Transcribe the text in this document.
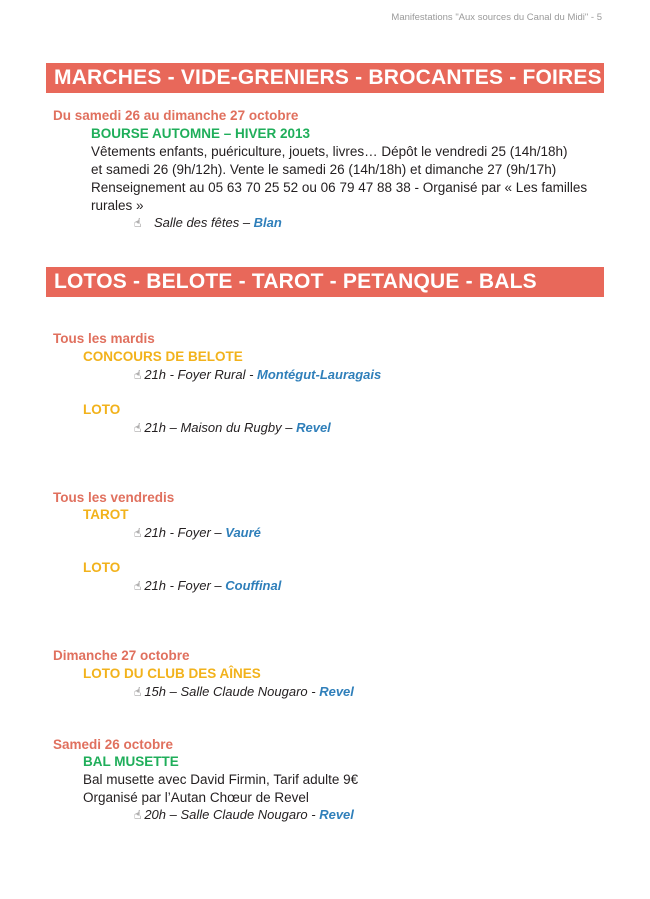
Manifestations "Aux sources du Canal du Midi" - 5
MARCHES - VIDE-GRENIERS - BROCANTES - FOIRES
Du samedi 26 au dimanche 27 octobre
BOURSE AUTOMNE – HIVER 2013
Vêtements enfants, puériculture, jouets, livres… Dépôt le vendredi 25 (14h/18h)
et samedi 26 (9h/12h). Vente le samedi 26 (14h/18h) et dimanche 27 (9h/17h)
Renseignement au 05 63 70 25 52 ou 06 79 47 88 38 - Organisé par « Les familles
rurales »
☝ Salle des fêtes – Blan
LOTOS - BELOTE - TAROT - PETANQUE - BALS
Tous les mardis
CONCOURS DE BELOTE
☝ 21h - Foyer Rural - Montégut-Lauragais
LOTO
☝ 21h – Maison du Rugby – Revel
Tous les vendredis
TAROT
☝ 21h - Foyer – Vauré
LOTO
☝ 21h - Foyer – Couffinal
Dimanche 27 octobre
LOTO DU CLUB DES AÎNES
☝ 15h – Salle Claude Nougaro - Revel
Samedi 26 octobre
BAL MUSETTE
Bal musette avec David Firmin, Tarif adulte 9€
Organisé par l’Autan Chœur de Revel
☝ 20h – Salle Claude Nougaro - Revel
